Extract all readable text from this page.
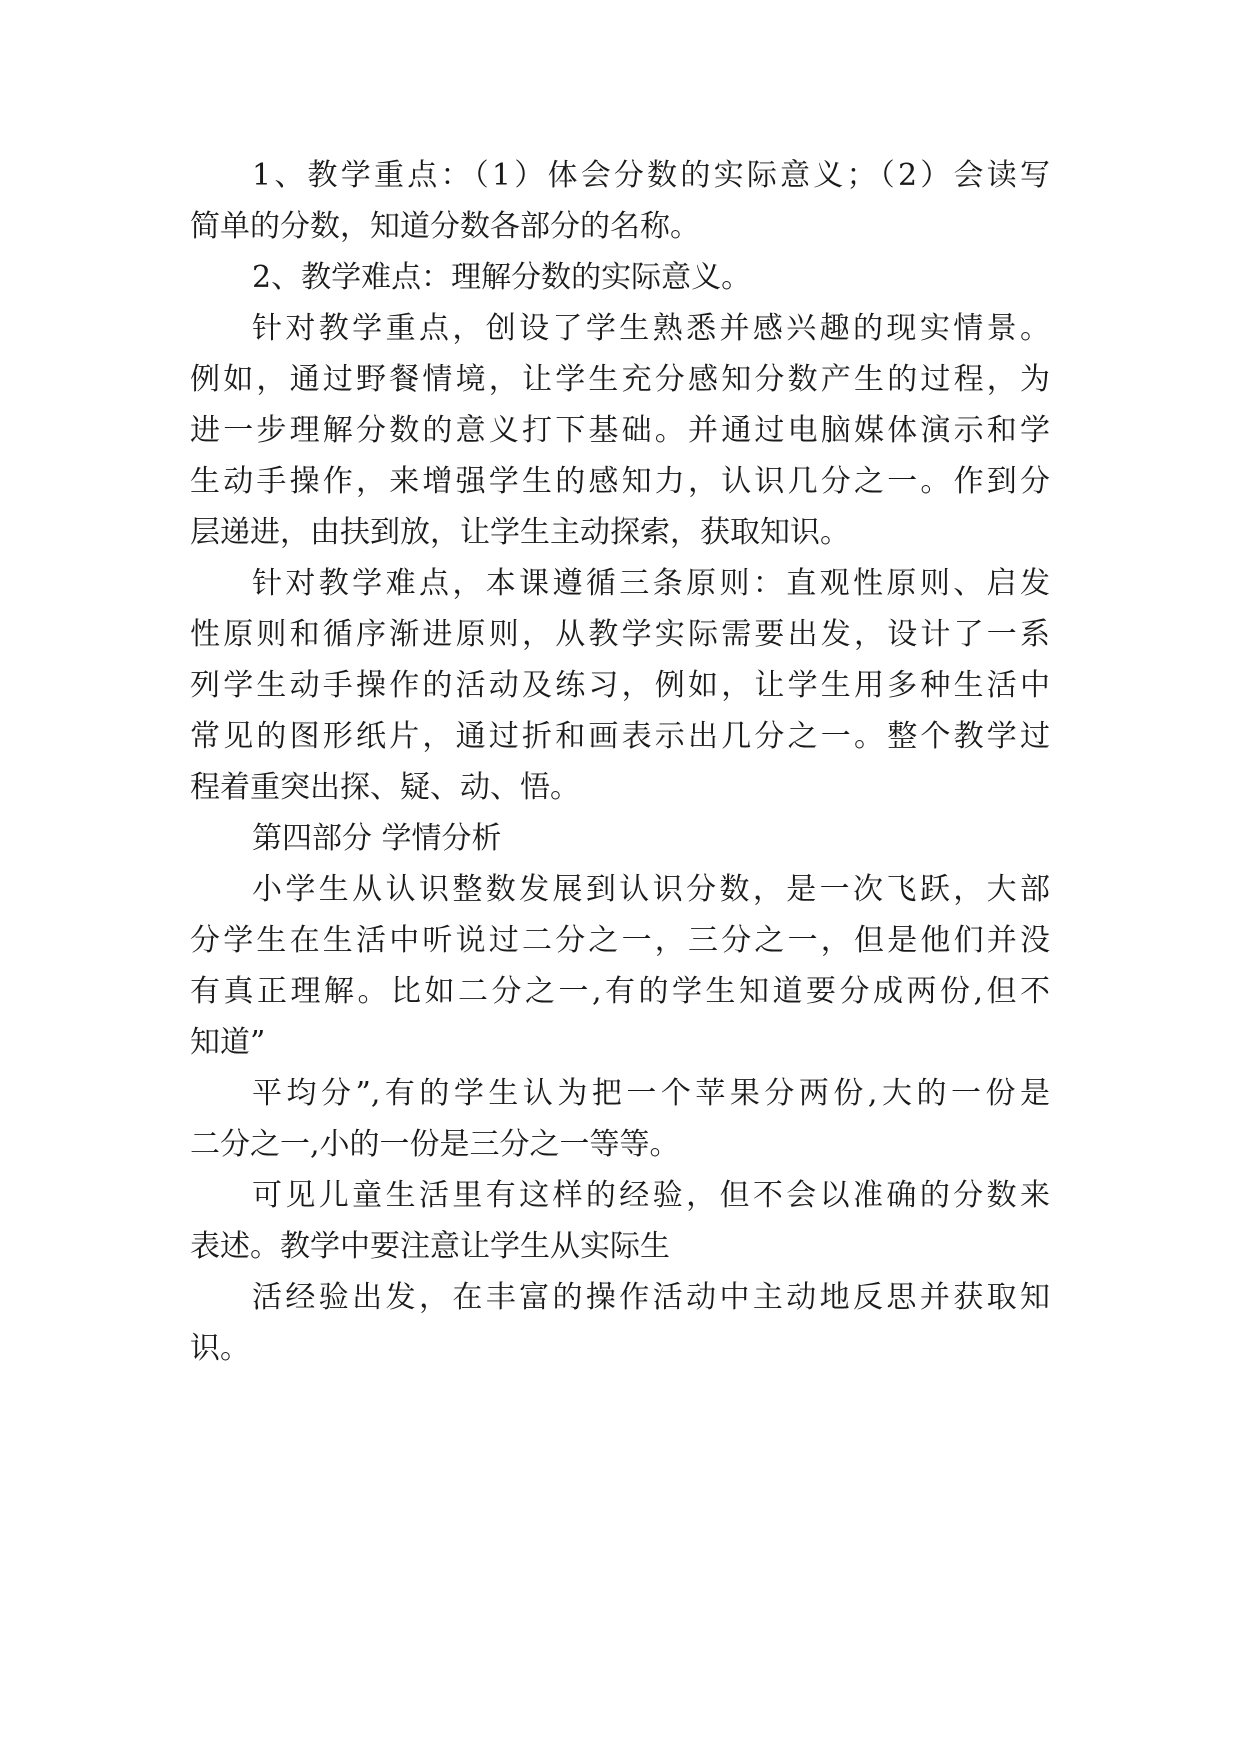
1、教学重点：（1）体会分数的实际意义；（2）会读写
简单的分数，知道分数各部分的名称。
2、教学难点：理解分数的实际意义。
针对教学重点，创设了学生熟悉并感兴趣的现实情景。
例如，通过野餐情境，让学生充分感知分数产生的过程，为
进一步理解分数的意义打下基础。并通过电脑媒体演示和学
生动手操作，来增强学生的感知力，认识几分之一。作到分
层递进，由扶到放，让学生主动探索，获取知识。
针对教学难点，本课遵循三条原则：直观性原则、启发
性原则和循序渐进原则，从教学实际需要出发，设计了一系
列学生动手操作的活动及练习，例如，让学生用多种生活中
常见的图形纸片，通过折和画表示出几分之一。整个教学过
程着重突出探、疑、动、悟。
第四部分 学情分析
小学生从认识整数发展到认识分数，是一次飞跃，大部
分学生在生活中听说过二分之一，三分之一，但是他们并没
有真正理解。比如二分之一,有的学生知道要分成两份,但不
知道”
平均分”,有的学生认为把一个苹果分两份,大的一份是
二分之一,小的一份是三分之一等等。
可见儿童生活里有这样的经验，但不会以准确的分数来
表述。教学中要注意让学生从实际生
活经验出发，在丰富的操作活动中主动地反思并获取知
识。
